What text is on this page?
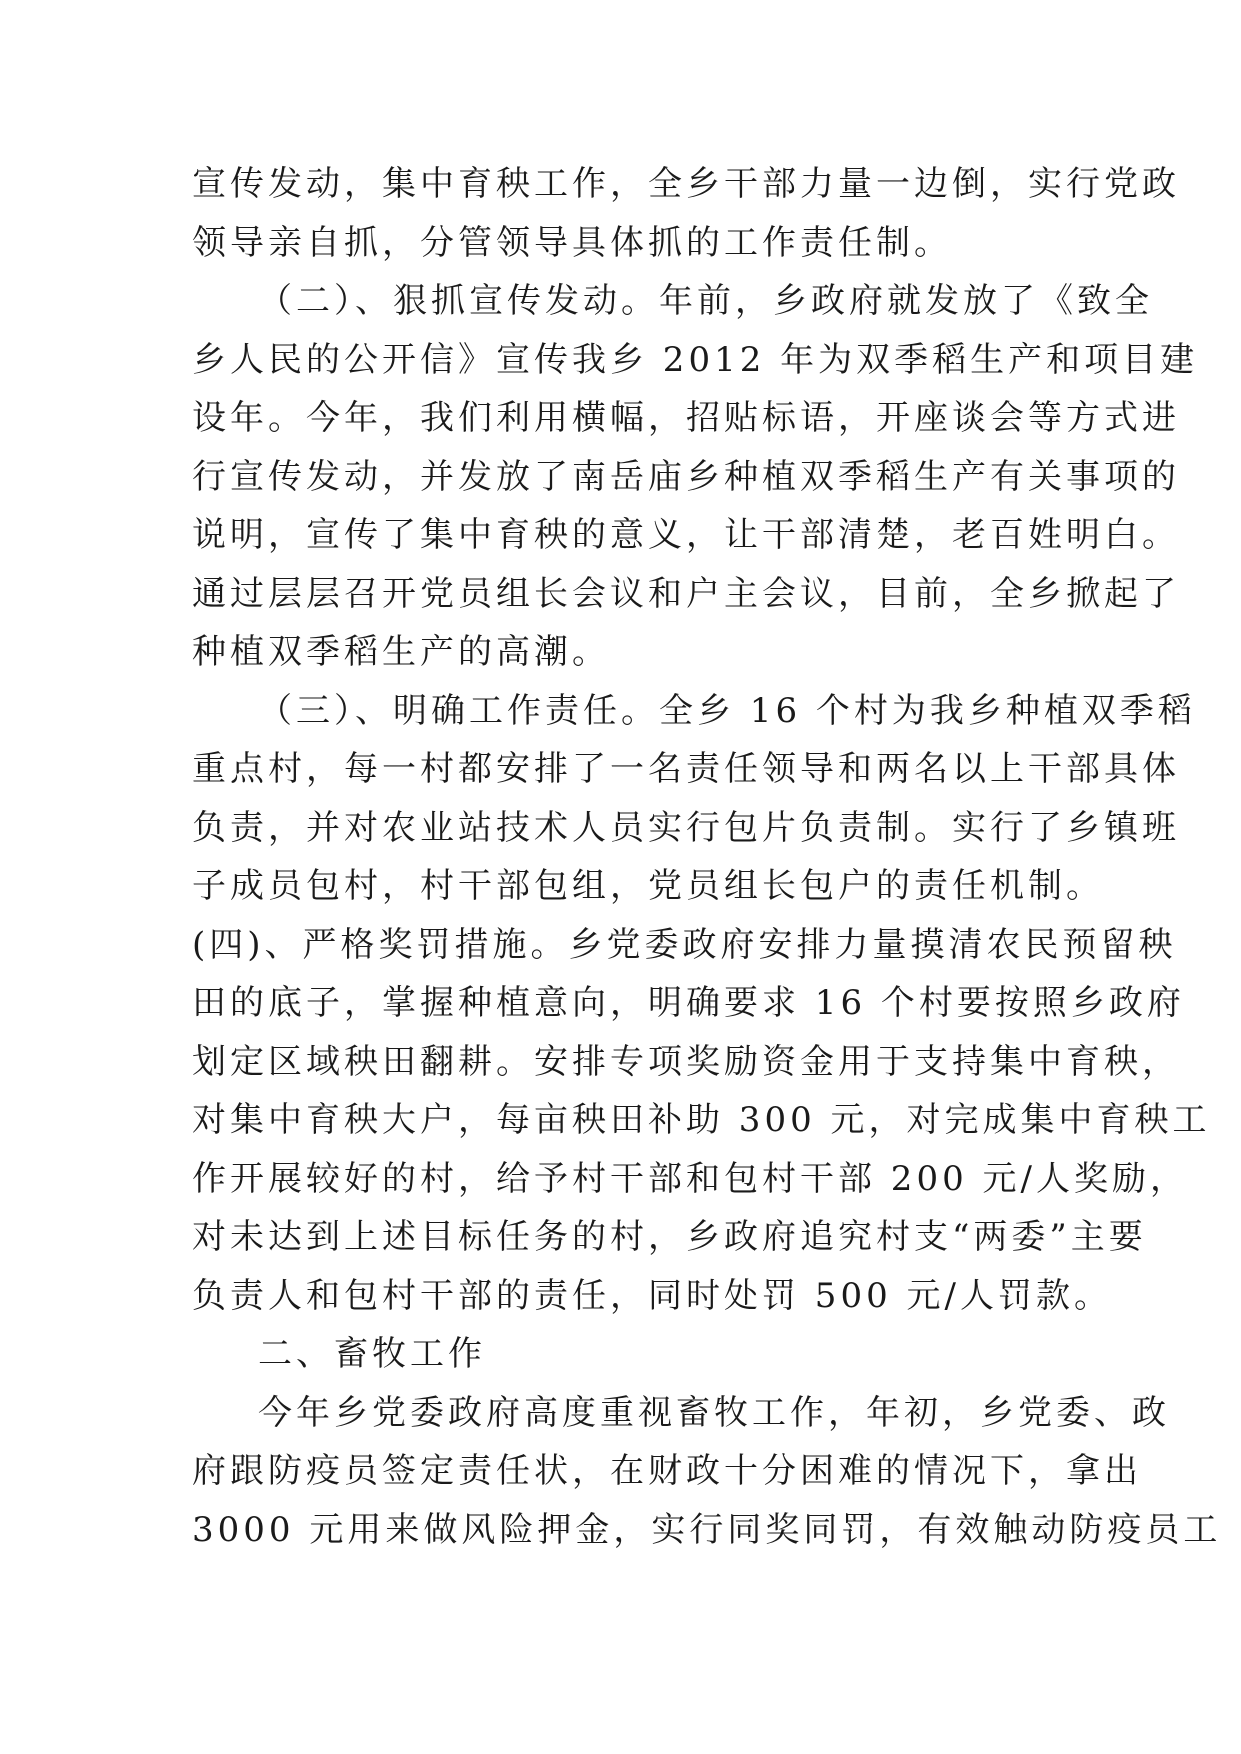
宣传发动，集中育秧工作，全乡干部力量一边倒，实行党政
领导亲自抓，分管领导具体抓的工作责任制。
（二）、狠抓宣传发动。年前，乡政府就发放了《致全
乡人民的公开信》宣传我乡 2012 年为双季稻生产和项目建
设年。今年，我们利用横幅，招贴标语，开座谈会等方式进
行宣传发动，并发放了南岳庙乡种植双季稻生产有关事项的
说明，宣传了集中育秧的意义，让干部清楚，老百姓明白。
通过层层召开党员组长会议和户主会议，目前，全乡掀起了
种植双季稻生产的高潮。
（三）、明确工作责任。全乡 16 个村为我乡种植双季稻
重点村，每一村都安排了一名责任领导和两名以上干部具体
负责，并对农业站技术人员实行包片负责制。实行了乡镇班
子成员包村，村干部包组，党员组长包户的责任机制。
(四)、严格奖罚措施。乡党委政府安排力量摸清农民预留秧
田的底子，掌握种植意向，明确要求 16 个村要按照乡政府
划定区域秧田翻耕。安排专项奖励资金用于支持集中育秧，
对集中育秧大户，每亩秧田补助 300 元，对完成集中育秧工
作开展较好的村，给予村干部和包村干部 200 元/人奖励，
对未达到上述目标任务的村，乡政府追究村支“两委”主要
负责人和包村干部的责任，同时处罚 500 元/人罚款。
二、畜牧工作
今年乡党委政府高度重视畜牧工作，年初，乡党委、政
府跟防疫员签定责任状，在财政十分困难的情况下，拿出
3000 元用来做风险押金，实行同奖同罚，有效触动防疫员工
